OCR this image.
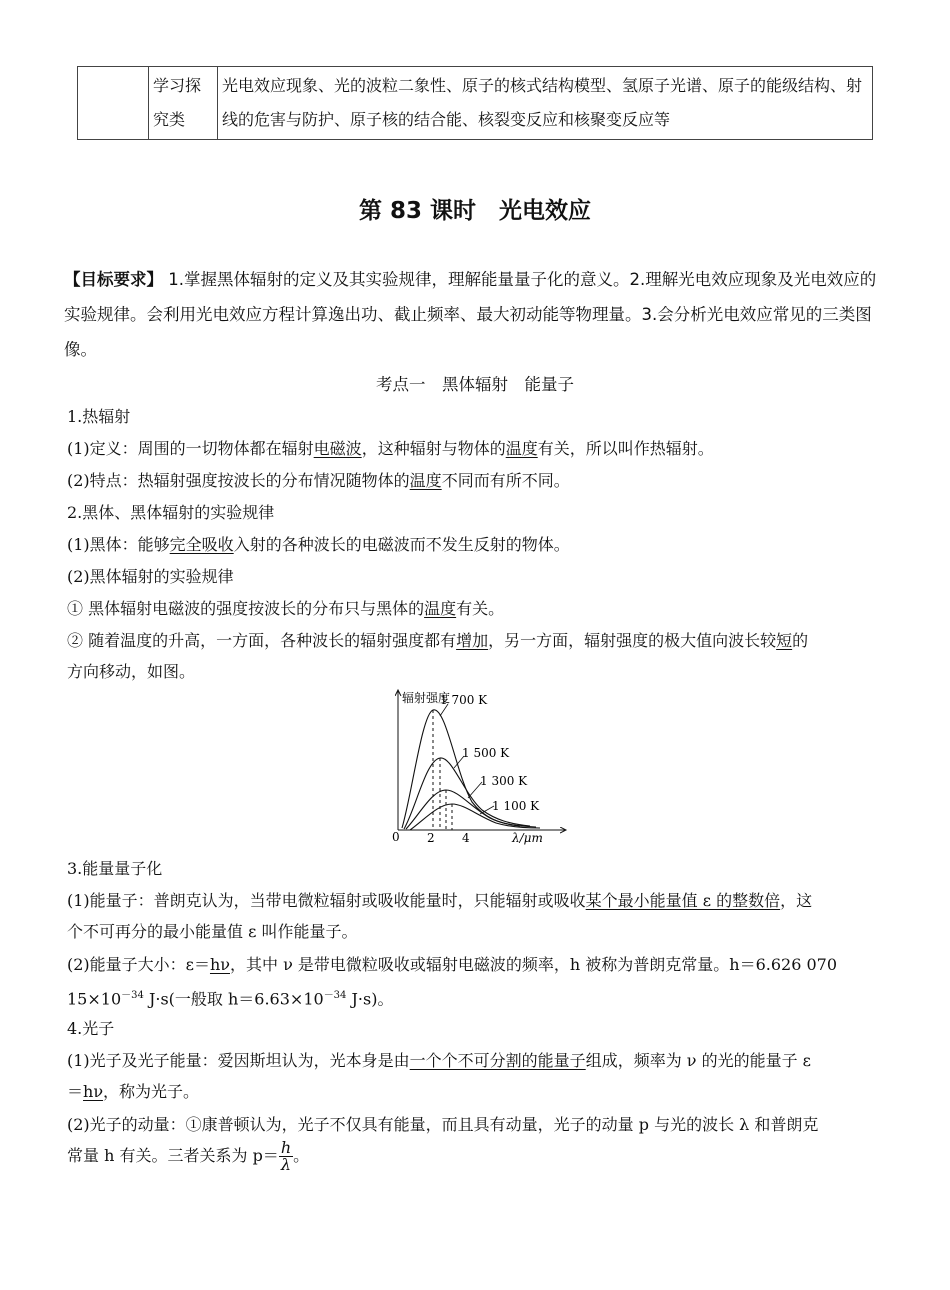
学习探究类
光电效应现象、光的波粒二象性、原子的核式结构模型、氢原子光谱、原子的能级结构、射线的危害与防护、原子核的结合能、核裂变反应和核聚变反应等
第 83 课时　光电效应
【目标要求】 1.掌握黑体辐射的定义及其实验规律，理解能量量子化的意义。2.理解光电效应现象及光电效应的实验规律。会利用光电效应方程计算逸出功、截止频率、最大初动能等物理量。3.会分析光电效应常见的三类图像。
考点一　黑体辐射　能量子
1.热辐射
(1)定义：周围的一切物体都在辐射电磁波，这种辐射与物体的温度有关，所以叫作热辐射。
(2)特点：热辐射强度按波长的分布情况随物体的温度不同而有所不同。
2.黑体、黑体辐射的实验规律
(1)黑体：能够完全吸收入射的各种波长的电磁波而不发生反射的物体。
(2)黑体辐射的实验规律
① 黑体辐射电磁波的强度按波长的分布只与黑体的温度有关。
② 随着温度的升高，一方面，各种波长的辐射强度都有增加，另一方面，辐射强度的极大值向波长较短的
方向移动，如图。
辐射强度
λ/μm
0 2 4
1 700 K
1 500 K
1 300 K
1 100 K
3.能量量子化
(1)能量子：普朗克认为，当带电微粒辐射或吸收能量时，只能辐射或吸收某个最小能量值 ε 的整数倍，这
个不可再分的最小能量值 ε 叫作能量子。
(2)能量子大小：ε＝hν，其中 ν 是带电微粒吸收或辐射电磁波的频率，h 被称为普朗克常量。h＝6.626 070
$15\times 10^{-34}$ J·s(一般取 $h=6.63\times 10^{-34}$ J·s)。
4.光子
(1)光子及光子能量：爱因斯坦认为，光本身是由一个个不可分割的能量子组成，频率为 ν 的光的能量子 ε
＝hν，称为光子。
(2)光子的动量：①康普顿认为，光子不仅具有能量，而且具有动量，光子的动量 p 与光的波长 λ 和普朗克
常量 h 有关。三者关系为 $p= \frac{h}{\lambda}$ 。
